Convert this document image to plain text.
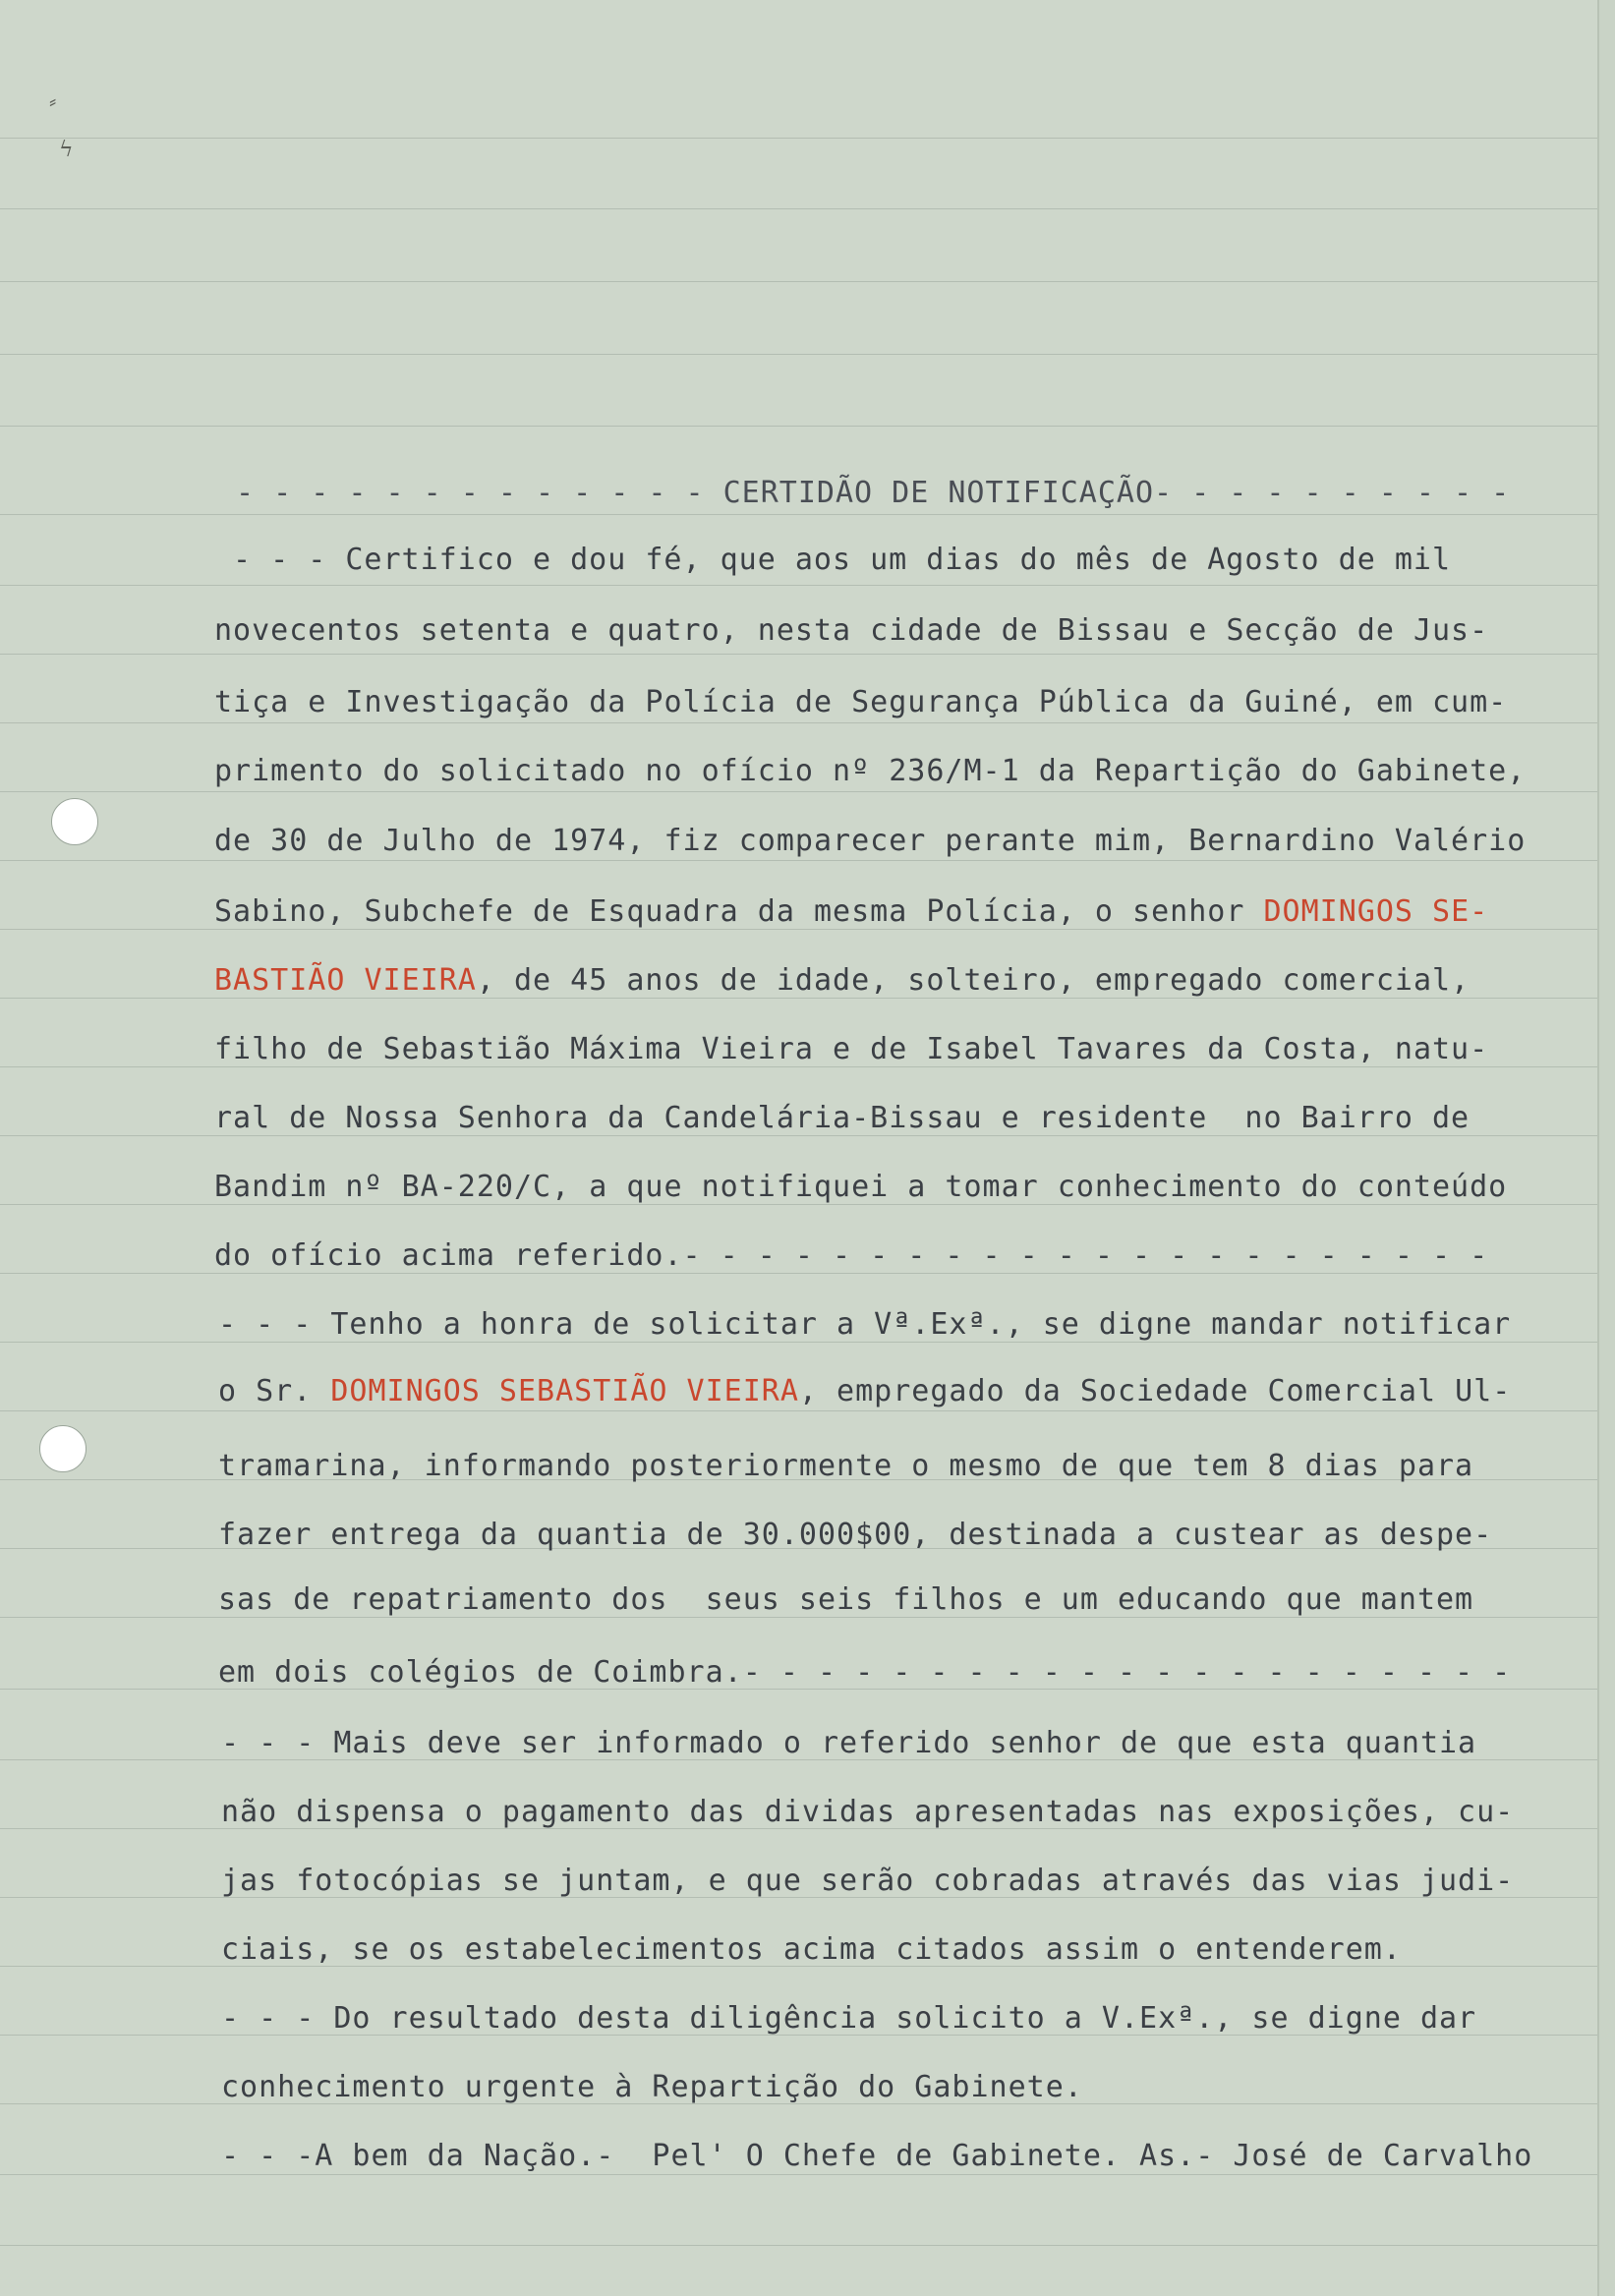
⸗
ϟ
- - - - - - - - - - - - - CERTIDÃO DE NOTIFICAÇÃO- - - - - - - - - -
- - - Certifico e dou fé, que aos um dias do mês de Agosto de mil
novecentos setenta e quatro, nesta cidade de Bissau e Secção de Jus-
tiça e Investigação da Polícia de Segurança Pública da Guiné, em cum-
primento do solicitado no ofício nº 236/M-1 da Repartição do Gabinete,
de 30 de Julho de 1974, fiz comparecer perante mim, Bernardino Valério
Sabino, Subchefe de Esquadra da mesma Polícia, o senhor DOMINGOS SE-
BASTIÃO VIEIRA, de 45 anos de idade, solteiro, empregado comercial,
filho de Sebastião Máxima Vieira e de Isabel Tavares da Costa, natu-
ral de Nossa Senhora da Candelária-Bissau e residente  no Bairro de
Bandim nº BA-220/C, a que notifiquei a tomar conhecimento do conteúdo
do ofício acima referido.- - - - - - - - - - - - - - - - - - - - - -
- - - Tenho a honra de solicitar a Vª.Exª., se digne mandar notificar
o Sr. DOMINGOS SEBASTIÃO VIEIRA, empregado da Sociedade Comercial Ul-
tramarina, informando posteriormente o mesmo de que tem 8 dias para
fazer entrega da quantia de 30.000$00, destinada a custear as despe-
sas de repatriamento dos  seus seis filhos e um educando que mantem
em dois colégios de Coimbra.- - - - - - - - - - - - - - - - - - - - -
- - - Mais deve ser informado o referido senhor de que esta quantia
não dispensa o pagamento das dividas apresentadas nas exposições, cu-
jas fotocópias se juntam, e que serão cobradas através das vias judi-
ciais, se os estabelecimentos acima citados assim o entenderem.
- - - Do resultado desta diligência solicito a V.Exª., se digne dar
conhecimento urgente à Repartição do Gabinete.
- - -A bem da Nação.-  Pel' O Chefe de Gabinete. As.- José de Carvalho
